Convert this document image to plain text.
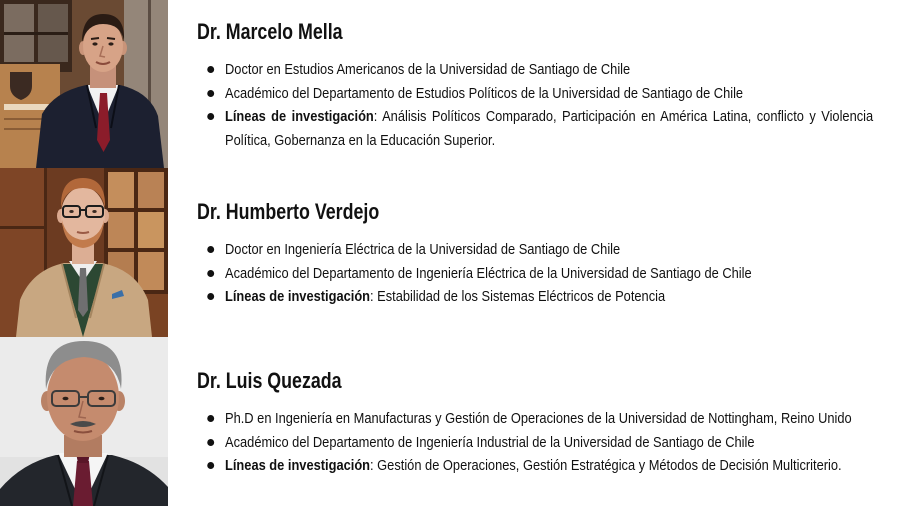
Dr. Marcelo Mella
Doctor en Estudios Americanos de la Universidad de Santiago de Chile
Académico del Departamento de Estudios Políticos de la Universidad de Santiago de Chile
Líneas de investigación: Análisis Políticos Comparado, Participación en América Latina, conflicto y Violencia Política, Gobernanza en la Educación Superior.
Dr. Humberto Verdejo
Doctor en Ingeniería Eléctrica de la Universidad de Santiago de Chile
Académico del Departamento de Ingeniería Eléctrica de la Universidad de Santiago de Chile
Líneas de investigación: Estabilidad de los Sistemas Eléctricos de Potencia
Dr. Luis Quezada
Ph.D en Ingeniería en Manufacturas y Gestión de Operaciones de la Universidad de Nottingham, Reino Unido
Académico del Departamento de Ingeniería Industrial de la Universidad de Santiago de Chile
Líneas de investigación: Gestión de Operaciones, Gestión Estratégica y Métodos de Decisión Multicriterio.
